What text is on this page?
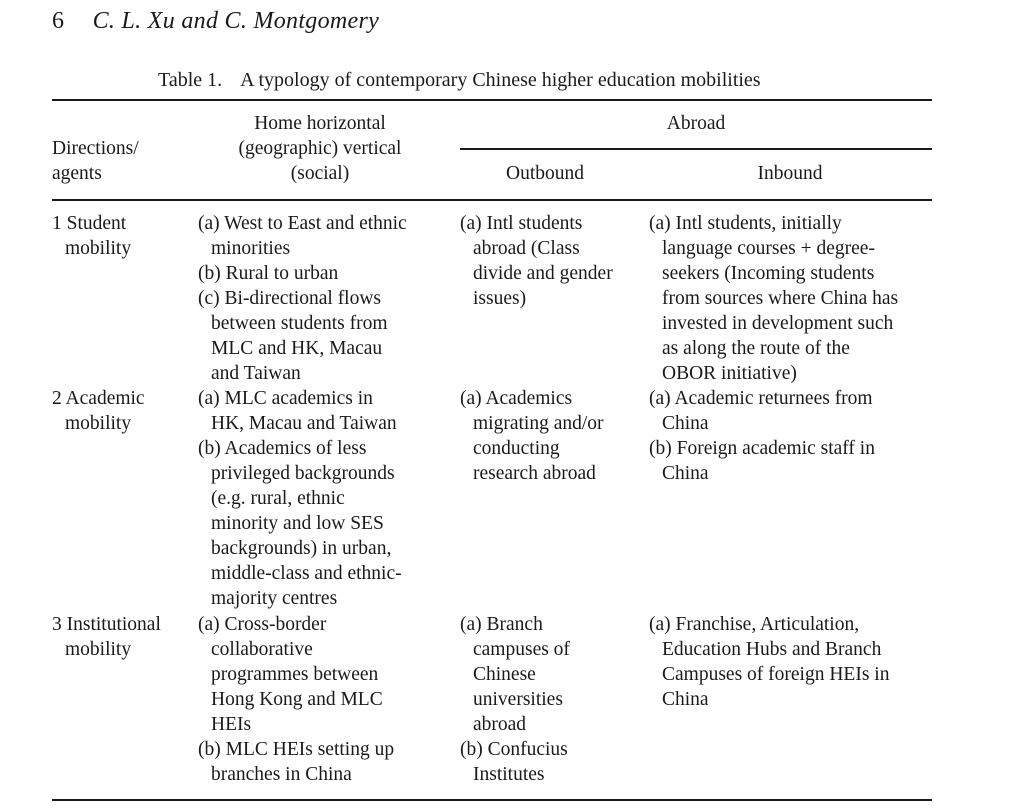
6 C. L. Xu and C. Montgomery
Table 1. A typology of contemporary Chinese higher education mobilities
Directions/
agents
Home horizontal
(geographic) vertical
(social)
Abroad
Outbound	Inbound
1 Student
mobility
(a) West to East and ethnic
minorities
(b) Rural to urban
(c) Bi-directional flows
between students from
MLC and HK, Macau
and Taiwan
(a) Intl students
abroad (Class
divide and gender
issues)
(a) Intl students, initially
language courses + degree-
seekers (Incoming students
from sources where China has
invested in development such
as along the route of the
OBOR initiative)
2 Academic
mobility
(a) MLC academics in
HK, Macau and Taiwan
(b) Academics of less
privileged backgrounds
(e.g. rural, ethnic
minority and low SES
backgrounds) in urban,
middle-class and ethnic-
majority centres
(a) Academics
migrating and/or
conducting
research abroad
(a) Academic returnees from
China
(b) Foreign academic staff in
China
3 Institutional
mobility
(a) Cross-border
collaborative
programmes between
Hong Kong and MLC
HEIs
(b) MLC HEIs setting up
branches in China
(a) Branch
campuses of
Chinese
universities
abroad
(b) Confucius
Institutes
(a) Franchise, Articulation,
Education Hubs and Branch
Campuses of foreign HEIs in
China
